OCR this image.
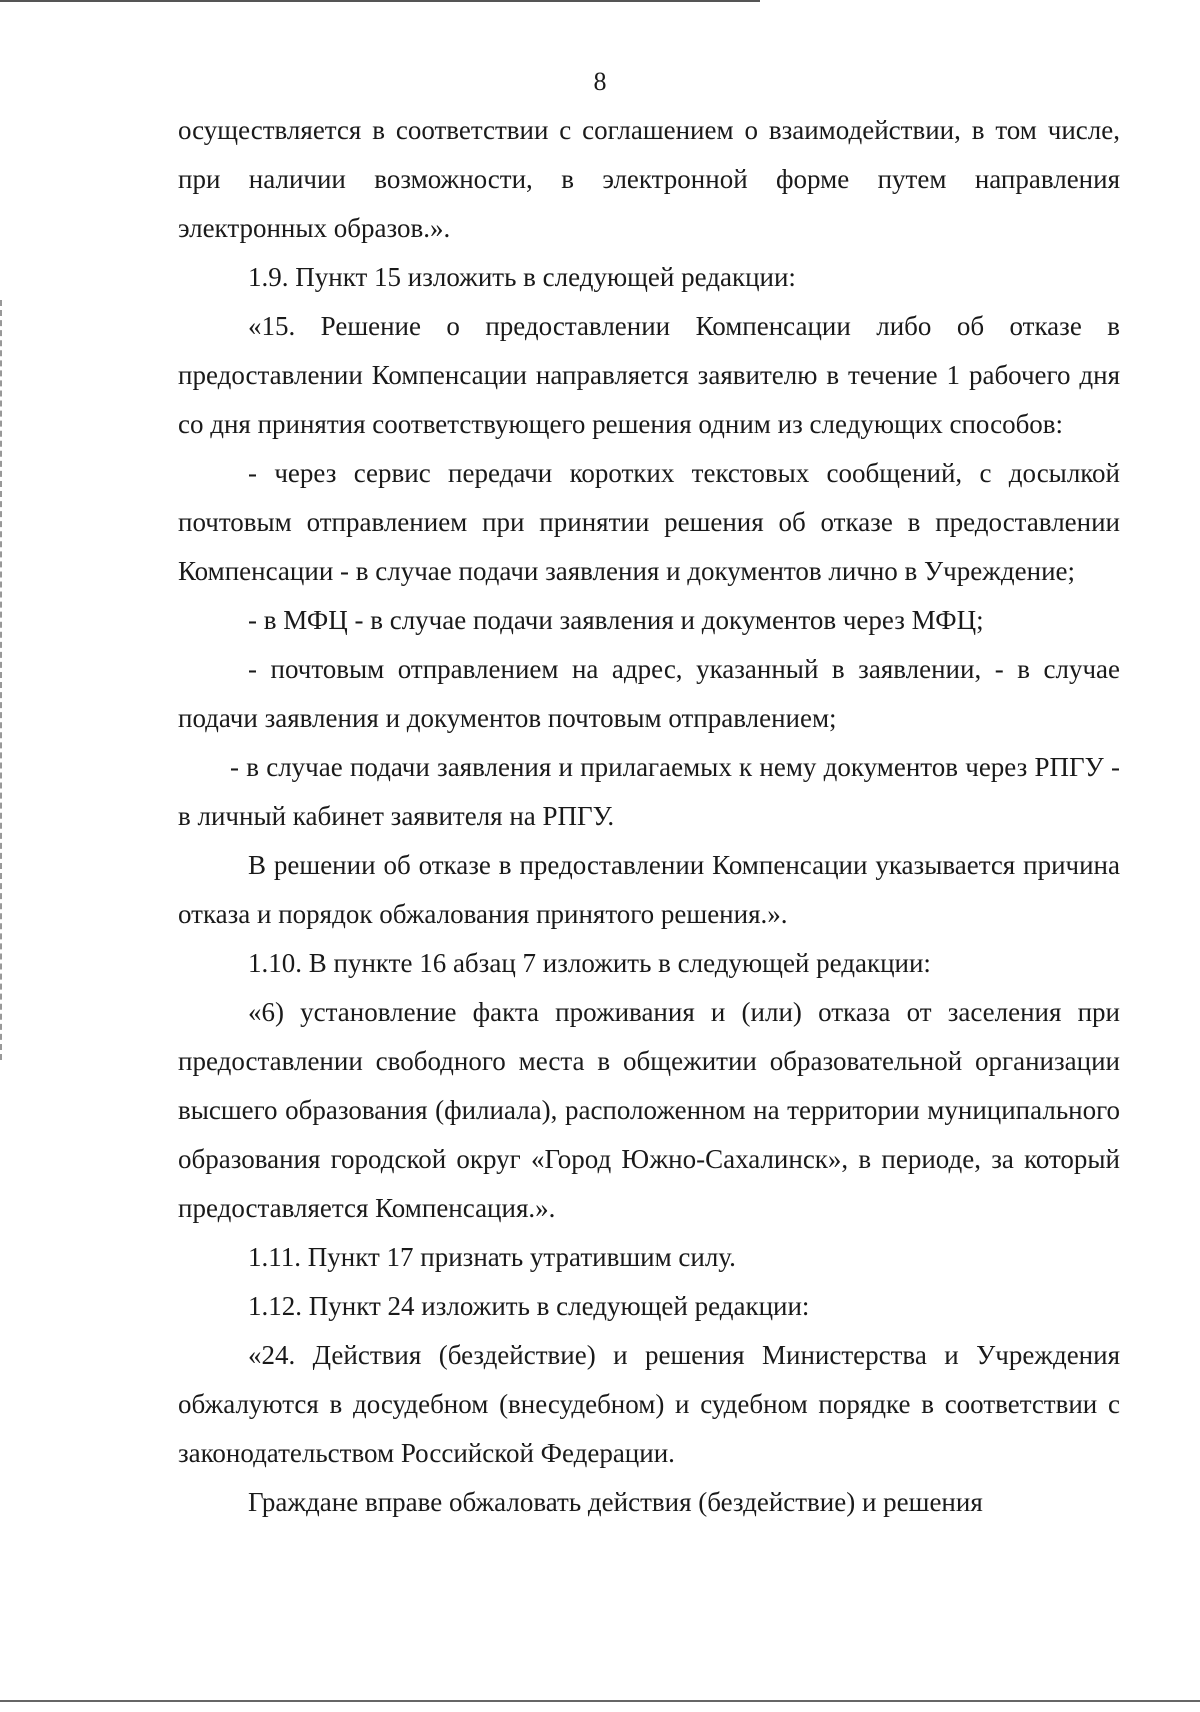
8

осуществляется в соответствии с соглашением о взаимодействии, в том числе, при наличии возможности, в электронной форме путем направления электронных образов.».

1.9. Пункт 15 изложить в следующей редакции:

«15. Решение о предоставлении Компенсации либо об отказе в предоставлении Компенсации направляется заявителю в течение 1 рабочего дня со дня принятия соответствующего решения одним из следующих способов:

- через сервис передачи коротких текстовых сообщений, с досылкой почтовым отправлением при принятии решения об отказе в предоставлении Компенсации - в случае подачи заявления и документов лично в Учреждение;

- в МФЦ - в случае подачи заявления и документов через МФЦ;

- почтовым отправлением на адрес, указанный в заявлении, - в случае подачи заявления и документов почтовым отправлением;

- в случае подачи заявления и прилагаемых к нему документов через РПГУ - в личный кабинет заявителя на РПГУ.

В решении об отказе в предоставлении Компенсации указывается причина отказа и порядок обжалования принятого решения.».

1.10. В пункте 16 абзац 7 изложить в следующей редакции:

«6) установление факта проживания и (или) отказа от заселения при предоставлении свободного места в общежитии образовательной организации высшего образования (филиала), расположенном на территории муниципального образования городской округ «Город Южно-Сахалинск», в периоде, за который предоставляется Компенсация.».

1.11. Пункт 17 признать утратившим силу.

1.12. Пункт 24 изложить в следующей редакции:

«24. Действия (бездействие) и решения Министерства и Учреждения обжалуются в досудебном (внесудебном) и судебном порядке в соответствии с законодательством Российской Федерации.

Граждане вправе обжаловать действия (бездействие) и решения
